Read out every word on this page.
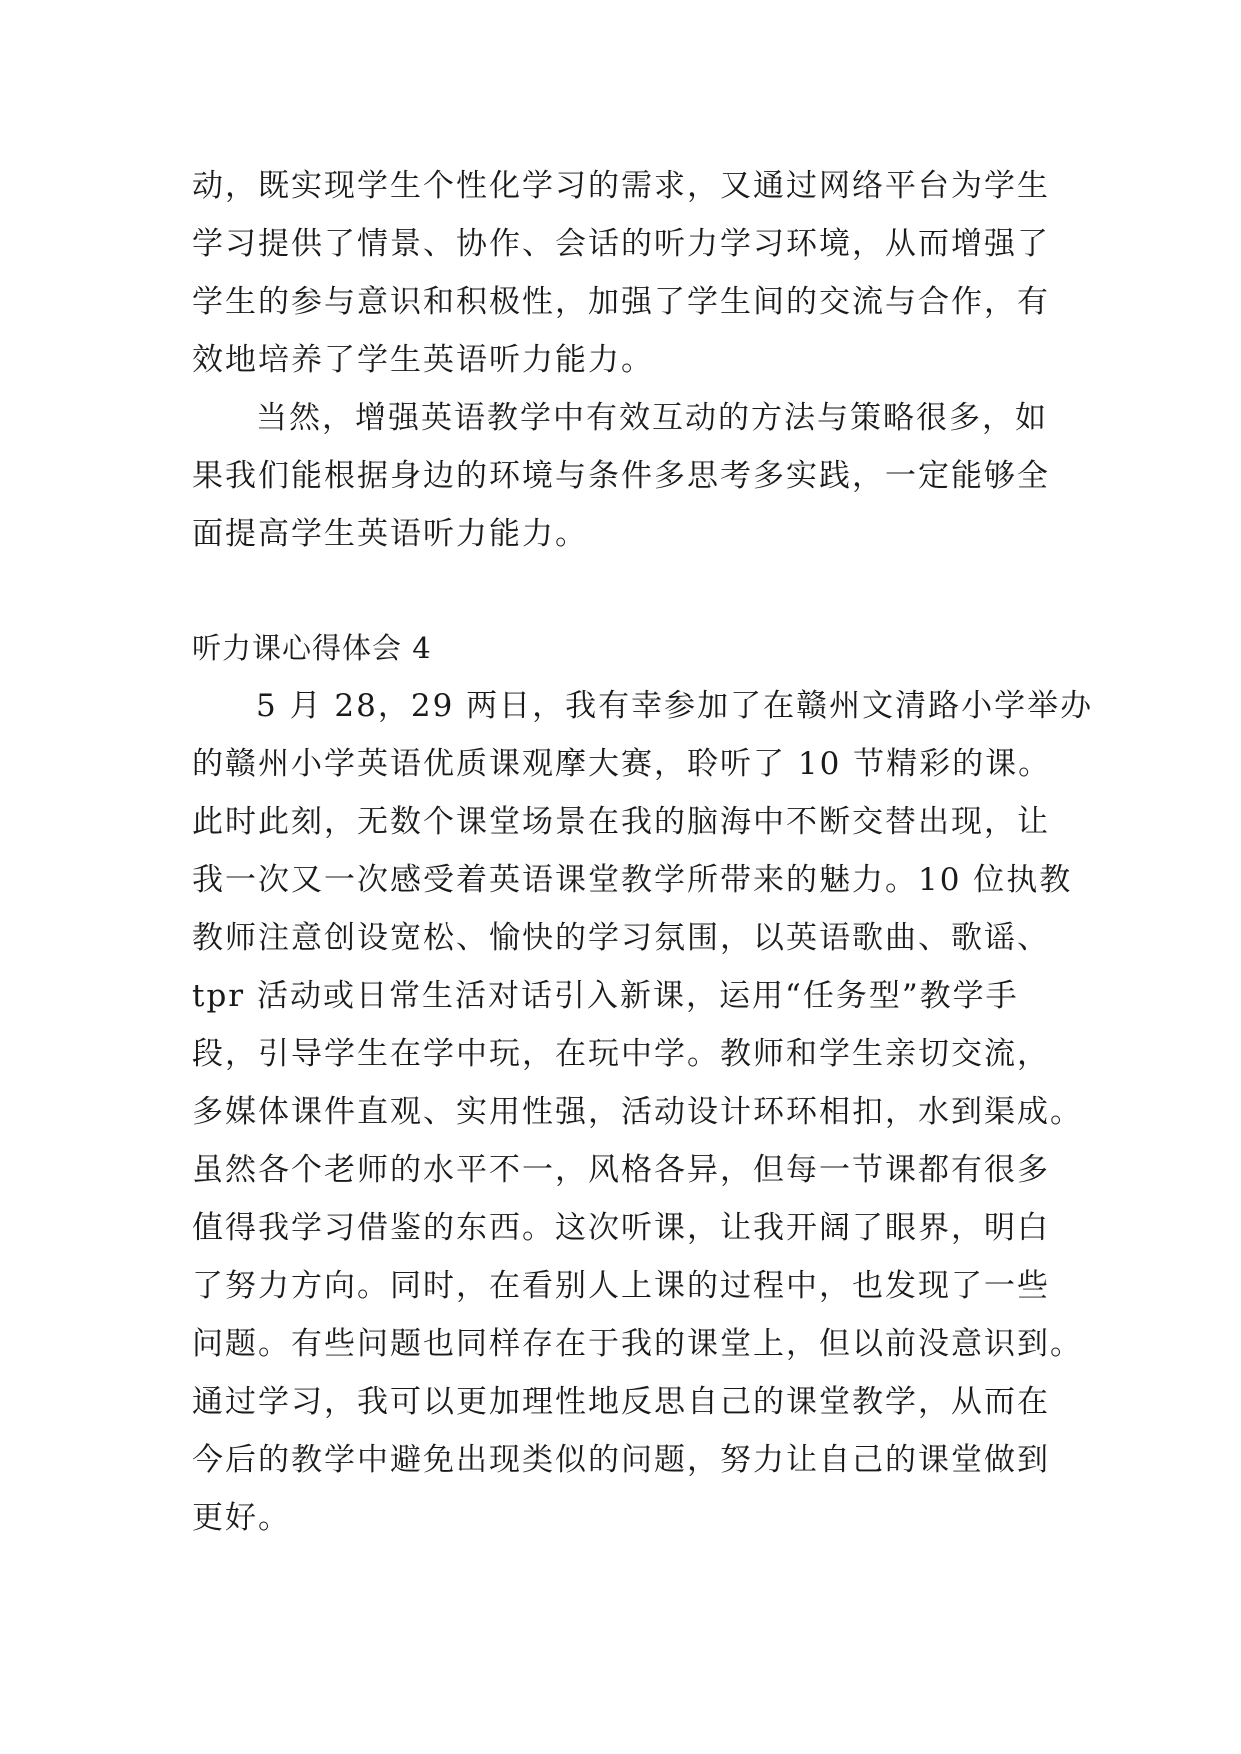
动，既实现学生个性化学习的需求，又通过网络平台为学生
学习提供了情景、协作、会话的听力学习环境，从而增强了
学生的参与意识和积极性，加强了学生间的交流与合作，有
效地培养了学生英语听力能力。
当然，增强英语教学中有效互动的方法与策略很多，如
果我们能根据身边的环境与条件多思考多实践，一定能够全
面提高学生英语听力能力。
听力课心得体会 4
5 月 28，29 两日，我有幸参加了在赣州文清路小学举办
的赣州小学英语优质课观摩大赛，聆听了 10 节精彩的课。
此时此刻，无数个课堂场景在我的脑海中不断交替出现，让
我一次又一次感受着英语课堂教学所带来的魅力。10 位执教
教师注意创设宽松、愉快的学习氛围，以英语歌曲、歌谣、
tpr 活动或日常生活对话引入新课，运用“任务型”教学手
段，引导学生在学中玩，在玩中学。教师和学生亲切交流，
多媒体课件直观、实用性强，活动设计环环相扣，水到渠成。
虽然各个老师的水平不一，风格各异，但每一节课都有很多
值得我学习借鉴的东西。这次听课，让我开阔了眼界，明白
了努力方向。同时，在看别人上课的过程中，也发现了一些
问题。有些问题也同样存在于我的课堂上，但以前没意识到。
通过学习，我可以更加理性地反思自己的课堂教学，从而在
今后的教学中避免出现类似的问题，努力让自己的课堂做到
更好。
